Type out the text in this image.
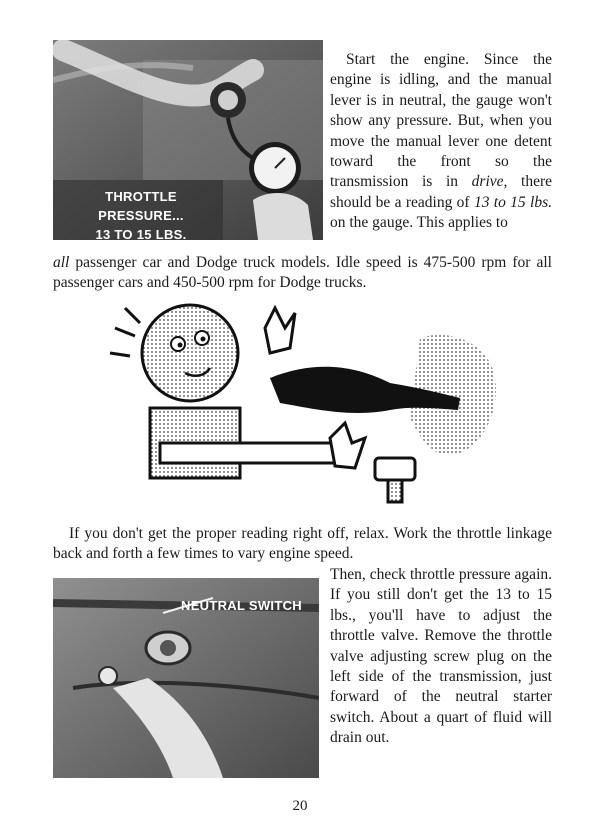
THROTTLE PRESSURE...
13 TO 15 LBS.

Start the engine. Since the engine is idling, and the manual lever is in neutral, the gauge won't show any pressure. But, when you move the manual lever one detent toward the front so the transmission is in drive, there should be a reading of 13 to 15 lbs. on the gauge. This applies to

all passenger car and Dodge truck models. Idle speed is 475-500 rpm for all passenger cars and 450-500 rpm for Dodge trucks.

If you don't get the proper reading right off, relax. Work the throttle linkage back and forth a few times to vary engine speed.

NEUTRAL SWITCH

Then, check throttle pressure again. If you still don't get the 13 to 15 lbs., you'll have to adjust the throttle valve. Remove the throttle valve adjusting screw plug on the left side of the transmission, just forward of the neutral starter switch. About a quart of fluid will drain out.

20
